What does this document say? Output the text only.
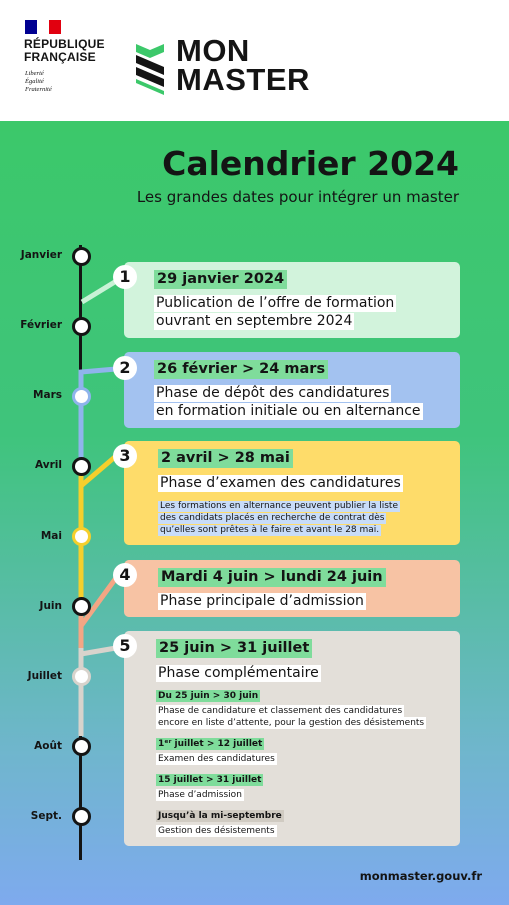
RÉPUBLIQUE
FRANÇAISE
Liberté
Égalité
Fraternité
MON
MASTER
Calendrier 2024
Les grandes dates pour intégrer un master
Janvier
Février
Mars
Avril
Mai
Juin
Juillet
Août
Sept.
29 janvier 2024
Publication de l’offre de formation
ouvrant en septembre 2024
1
26 février > 24 mars
Phase de dépôt des candidatures
en formation initiale ou en alternance
2
2 avril > 28 mai
Phase d’examen des candidatures
Les formations en alternance peuvent publier la liste
des candidats placés en recherche de contrat dès
qu’elles sont prêtes à le faire et avant le 28 mai.
3
Mardi 4 juin > lundi 24 juin
Phase principale d’admission
4
25 juin > 31 juillet
Phase complémentaire
Du 25 juin > 30 juin
Phase de candidature et classement des candidatures
encore en liste d’attente, pour la gestion des désistements
1ᵉʳ juillet > 12 juillet
Examen des candidatures
15 juillet > 31 juillet
Phase d’admission
Jusqu’à la mi-septembre
Gestion des désistements
5
monmaster.gouv.fr
